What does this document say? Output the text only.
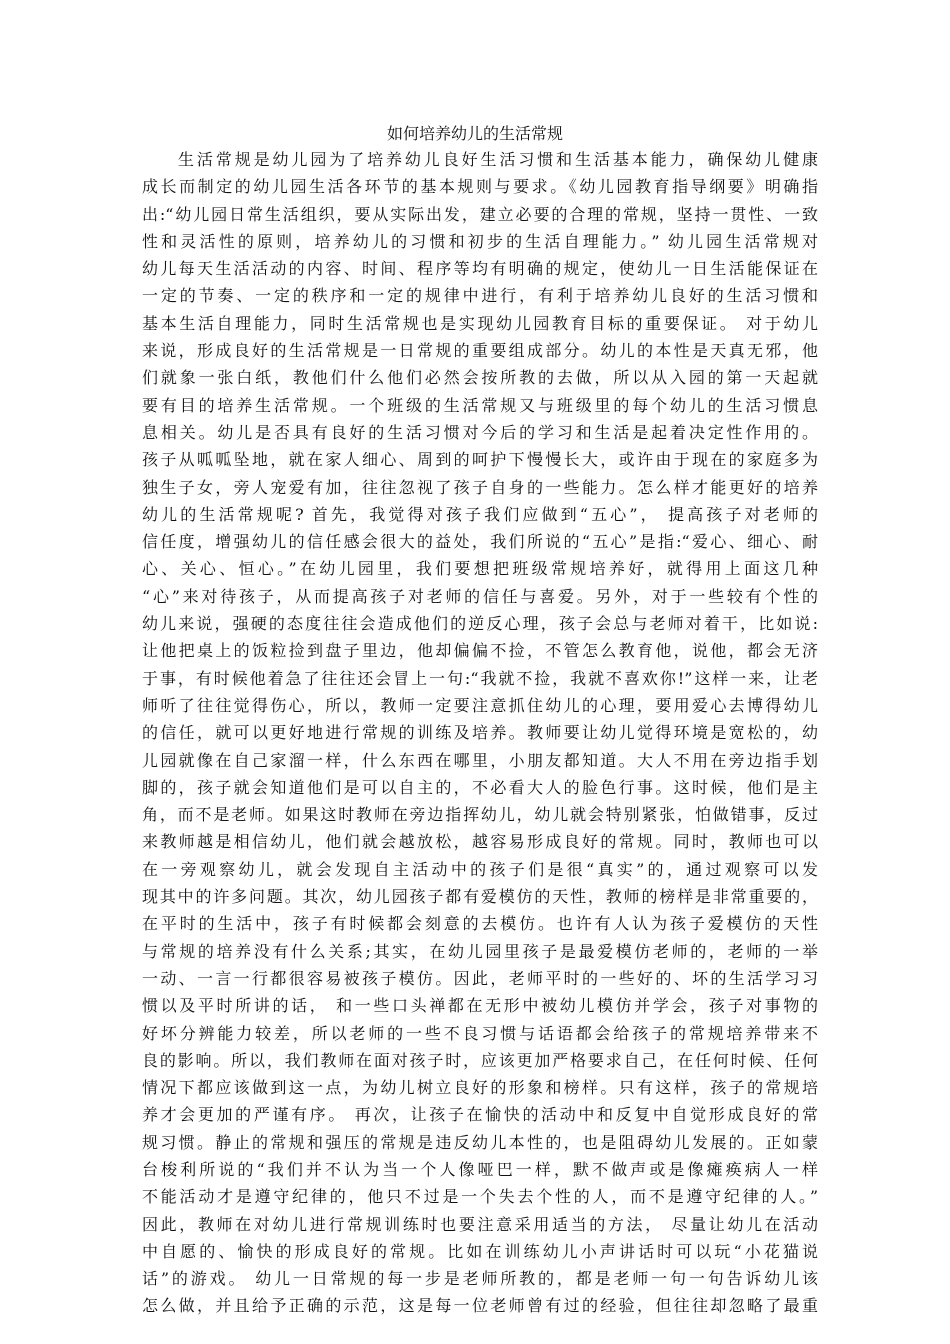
如何培养幼儿的生活常规
生活常规是幼儿园为了培养幼儿良好生活习惯和生活基本能力，确保幼儿健康
成长而制定的幼儿园生活各环节的基本规则与要求。《幼儿园教育指导纲要》明确指
出:“幼儿园日常生活组织，要从实际出发，建立必要的合理的常规，坚持一贯性、一致
性和灵活性的原则，培养幼儿的习惯和初步的生活自理能力。” 幼儿园生活常规对
幼儿每天生活活动的内容、时间、程序等均有明确的规定，使幼儿一日生活能保证在
一定的节奏、一定的秩序和一定的规律中进行，有利于培养幼儿良好的生活习惯和
基本生活自理能力，同时生活常规也是实现幼儿园教育目标的重要保证。 对于幼儿
来说，形成良好的生活常规是一日常规的重要组成部分。幼儿的本性是天真无邪，他
们就象一张白纸，教他们什么他们必然会按所教的去做，所以从入园的第一天起就
要有目的培养生活常规。一个班级的生活常规又与班级里的每个幼儿的生活习惯息
息相关。幼儿是否具有良好的生活习惯对今后的学习和生活是起着决定性作用的。
孩子从呱呱坠地，就在家人细心、周到的呵护下慢慢长大，或许由于现在的家庭多为
独生子女，旁人宠爱有加，往往忽视了孩子自身的一些能力。怎么样才能更好的培养
幼儿的生活常规呢? 首先，我觉得对孩子我们应做到“五心”， 提高孩子对老师的
信任度，增强幼儿的信任感会很大的益处，我们所说的“五心”是指:“爱心、细心、耐
心、关心、恒心。”在幼儿园里，我们要想把班级常规培养好，就得用上面这几种
“心”来对待孩子，从而提高孩子对老师的信任与喜爱。另外，对于一些较有个性的
幼儿来说，强硬的态度往往会造成他们的逆反心理，孩子会总与老师对着干，比如说:
让他把桌上的饭粒捡到盘子里边，他却偏偏不捡，不管怎么教育他，说他，都会无济
于事，有时候他着急了往往还会冒上一句:“我就不捡，我就不喜欢你!”这样一来，让老
师听了往往觉得伤心，所以，教师一定要注意抓住幼儿的心理，要用爱心去博得幼儿
的信任，就可以更好地进行常规的训练及培养。教师要让幼儿觉得环境是宽松的，幼
儿园就像在自己家溜一样，什么东西在哪里，小朋友都知道。大人不用在旁边指手划
脚的，孩子就会知道他们是可以自主的，不必看大人的脸色行事。这时候，他们是主
角，而不是老师。如果这时教师在旁边指挥幼儿，幼儿就会特别紧张，怕做错事，反过
来教师越是相信幼儿，他们就会越放松，越容易形成良好的常规。同时，教师也可以
在一旁观察幼儿，就会发现自主活动中的孩子们是很“真实”的，通过观察可以发
现其中的许多问题。其次，幼儿园孩子都有爱模仿的天性，教师的榜样是非常重要的，
在平时的生活中，孩子有时候都会刻意的去模仿。也许有人认为孩子爱模仿的天性
与常规的培养没有什么关系;其实，在幼儿园里孩子是最爱模仿老师的，老师的一举
一动、一言一行都很容易被孩子模仿。因此，老师平时的一些好的、坏的生活学习习
惯以及平时所讲的话， 和一些口头禅都在无形中被幼儿模仿并学会，孩子对事物的
好坏分辨能力较差，所以老师的一些不良习惯与话语都会给孩子的常规培养带来不
良的影响。所以，我们教师在面对孩子时，应该更加严格要求自己，在任何时候、任何
情况下都应该做到这一点，为幼儿树立良好的形象和榜样。只有这样，孩子的常规培
养才会更加的严谨有序。 再次，让孩子在愉快的活动中和反复中自觉形成良好的常
规习惯。静止的常规和强压的常规是违反幼儿本性的，也是阻碍幼儿发展的。正如蒙
台梭利所说的“我们并不认为当一个人像哑巴一样，默不做声或是像瘫痪病人一样
不能活动才是遵守纪律的，他只不过是一个失去个性的人，而不是遵守纪律的人。”
因此，教师在对幼儿进行常规训练时也要注意采用适当的方法， 尽量让幼儿在活动
中自愿的、愉快的形成良好的常规。比如在训练幼儿小声讲话时可以玩“小花猫说
话”的游戏。 幼儿一日常规的每一步是老师所教的，都是老师一句一句告诉幼儿该
怎么做，并且给予正确的示范，这是每一位老师曾有过的经验，但往往却忽略了最重
